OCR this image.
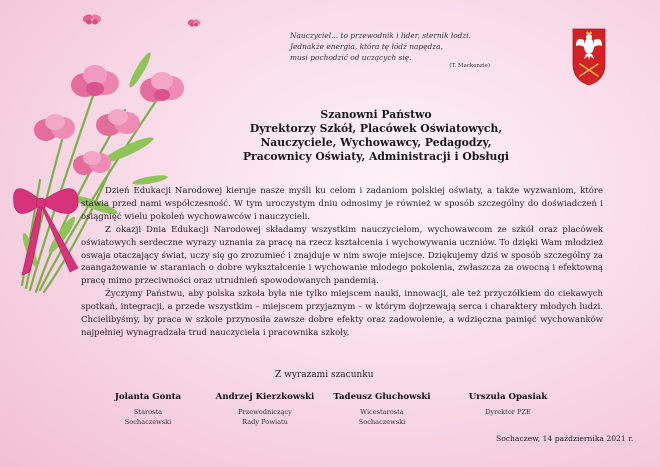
Nauczyciel... to przewodnik i lider, sternik łodzi.
Jednakże energia, która tę łódź napędza,
musi pochodzić od uczących się.
(T. Mackenzie)
Szanowni Państwo
Dyrektorzy Szkół, Placówek Oświatowych,
Nauczyciele, Wychowawcy, Pedagodzy,
Pracownicy Oświaty, Administracji i Obsługi

Dzień Edukacji Narodowej kieruje nasze myśli ku celom i zadaniom polskiej oświaty, a także wyzwaniom, które stawia przed nami współczesność. W tym uroczystym dniu odnosimy je również w sposób szczególny do doświadczeń i osiągnięć wielu pokoleń wychowawców i nauczycieli.

Z okazji Dnia Edukacji Narodowej składamy wszystkim nauczycielom, wychowawcom ze szkół oraz placówek oświatowych serdeczne wyrazy uznania za pracę na rzecz kształcenia i wychowywania uczniów. To dzięki Wam młodzież oswaja otaczający świat, uczy się go zrozumieć i znajduje w nim swoje miejsce. Dziękujemy dziś w sposób szczególny za zaangażowanie w staraniach o dobre wykształcenie i wychowanie młodego pokolenia, zwłaszcza za owocną i efektowną pracę mimo przeciwności oraz utrudnień spowodowanych pandemią.

Życzymy Państwu, aby polska szkoła była nie tylko miejscem nauki, innowacji, ale też przyczółkiem do ciekawych spotkań, integracji, a przede wszystkim – miejscem przyjaznym – w którym dojrzewają serca i charaktery młodych ludzi. Chcielibyśmy, by praca w szkole przynosiła zawsze dobre efekty oraz zadowolenie, a wdzięczna pamięć wychowanków najpełniej wynagradzała trud nauczyciela i pracownika szkoły.

Z wyrazami szacunku
Jolanta Gonta
Starosta
Sochaczewski
Andrzej Kierzkowski
Przewodniczący
Rady Powiatu
Tadeusz Głuchowski
Wicestarosta
Sochaczewski
Urszula Opasiak
Dyrektor PZE
Sochaczew, 14 października 2021 r.
